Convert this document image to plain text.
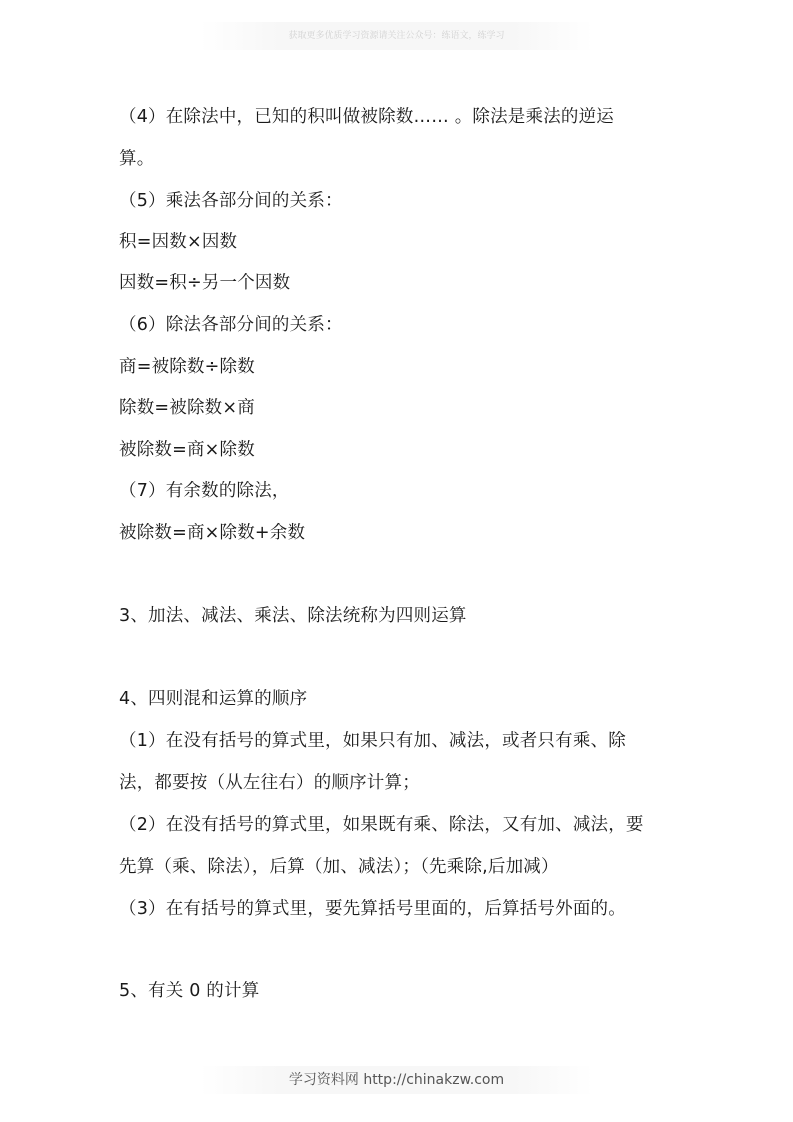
获取更多优质学习资源请关注公众号：练语文，练学习
（4）在除法中，已知的积叫做被除数…… 。除法是乘法的逆运
算。
（5）乘法各部分间的关系：
积=因数×因数
因数=积÷另一个因数
（6）除法各部分间的关系：
商=被除数÷除数
除数=被除数×商
被除数=商×除数
（7）有余数的除法，
被除数=商×除数+余数
3、加法、减法、乘法、除法统称为四则运算
4、四则混和运算的顺序
（1）在没有括号的算式里，如果只有加、减法，或者只有乘、除
法，都要按（从左往右）的顺序计算；
（2）在没有括号的算式里，如果既有乘、除法，又有加、减法，要
先算（乘、除法），后算（加、减法）；（先乘除,后加减）
（3）在有括号的算式里，要先算括号里面的，后算括号外面的。
5、有关 0 的计算
学习资料网 http://chinakzw.com
